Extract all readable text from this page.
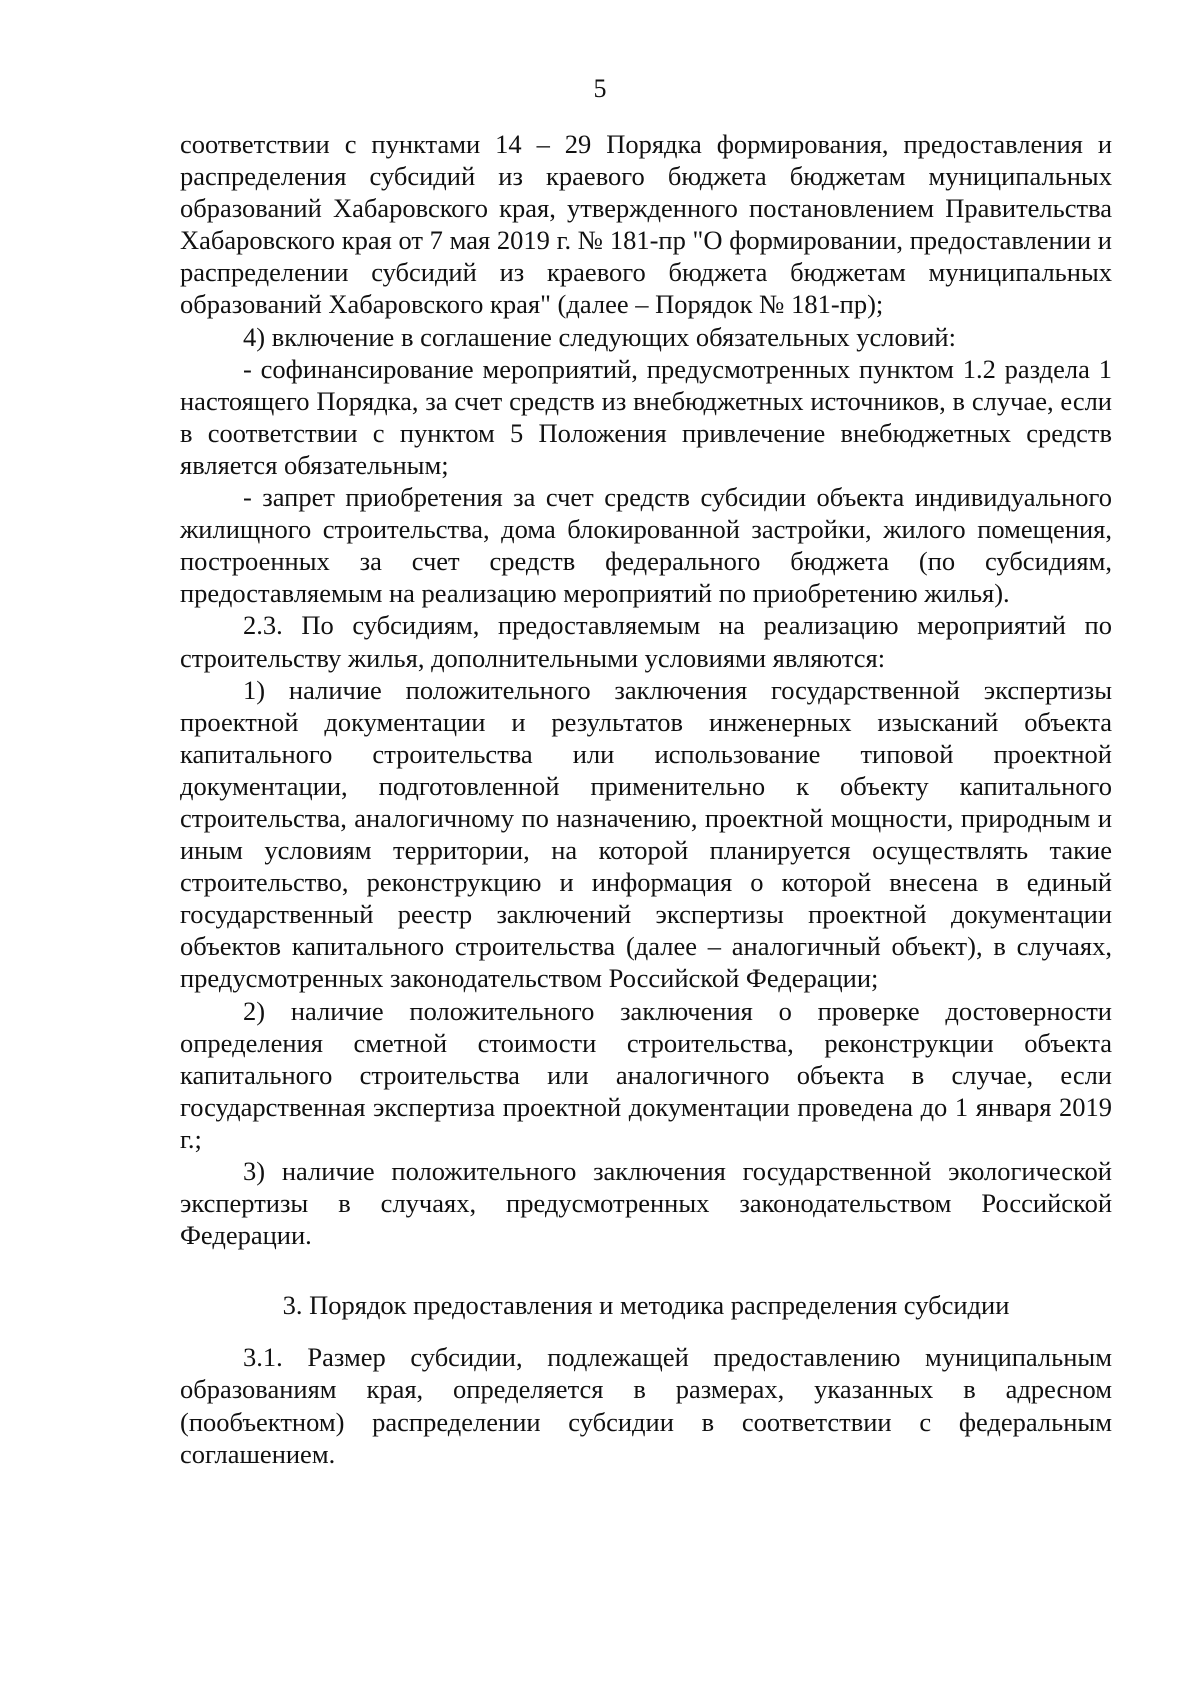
5

соответствии с пунктами 14 – 29 Порядка формирования, предоставления и распределения субсидий из краевого бюджета бюджетам муниципальных образований Хабаровского края, утвержденного постановлением Правительства Хабаровского края от 7 мая 2019 г. № 181-пр "О формировании, предоставлении и распределении субсидий из краевого бюджета бюджетам муниципальных образований Хабаровского края" (далее – Порядок № 181-пр);

4) включение в соглашение следующих обязательных условий:

- софинансирование мероприятий, предусмотренных пунктом 1.2 раздела 1 настоящего Порядка, за счет средств из внебюджетных источников, в случае, если в соответствии с пунктом 5 Положения привлечение внебюджетных средств является обязательным;

- запрет приобретения за счет средств субсидии объекта индивидуального жилищного строительства, дома блокированной застройки, жилого помещения, построенных за счет средств федерального бюджета (по субсидиям, предоставляемым на реализацию мероприятий по приобретению жилья).

2.3. По субсидиям, предоставляемым на реализацию мероприятий по строительству жилья, дополнительными условиями являются:

1) наличие положительного заключения государственной экспертизы проектной документации и результатов инженерных изысканий объекта капитального строительства или использование типовой проектной документации, подготовленной применительно к объекту капитального строительства, аналогичному по назначению, проектной мощности, природным и иным условиям территории, на которой планируется осуществлять такие строительство, реконструкцию и информация о которой внесена в единый государственный реестр заключений экспертизы проектной документации объектов капитального строительства (далее – аналогичный объект), в случаях, предусмотренных законодательством Российской Федерации;

2) наличие положительного заключения о проверке достоверности определения сметной стоимости строительства, реконструкции объекта капитального строительства или аналогичного объекта в случае, если государственная экспертиза проектной документации проведена до 1 января 2019 г.;

3) наличие положительного заключения государственной экологической экспертизы в случаях, предусмотренных законодательством Российской Федерации.

3. Порядок предоставления и методика распределения субсидии

3.1. Размер субсидии, подлежащей предоставлению муниципальным образованиям края, определяется в размерах, указанных в адресном (пообъектном) распределении субсидии в соответствии с федеральным соглашением.
